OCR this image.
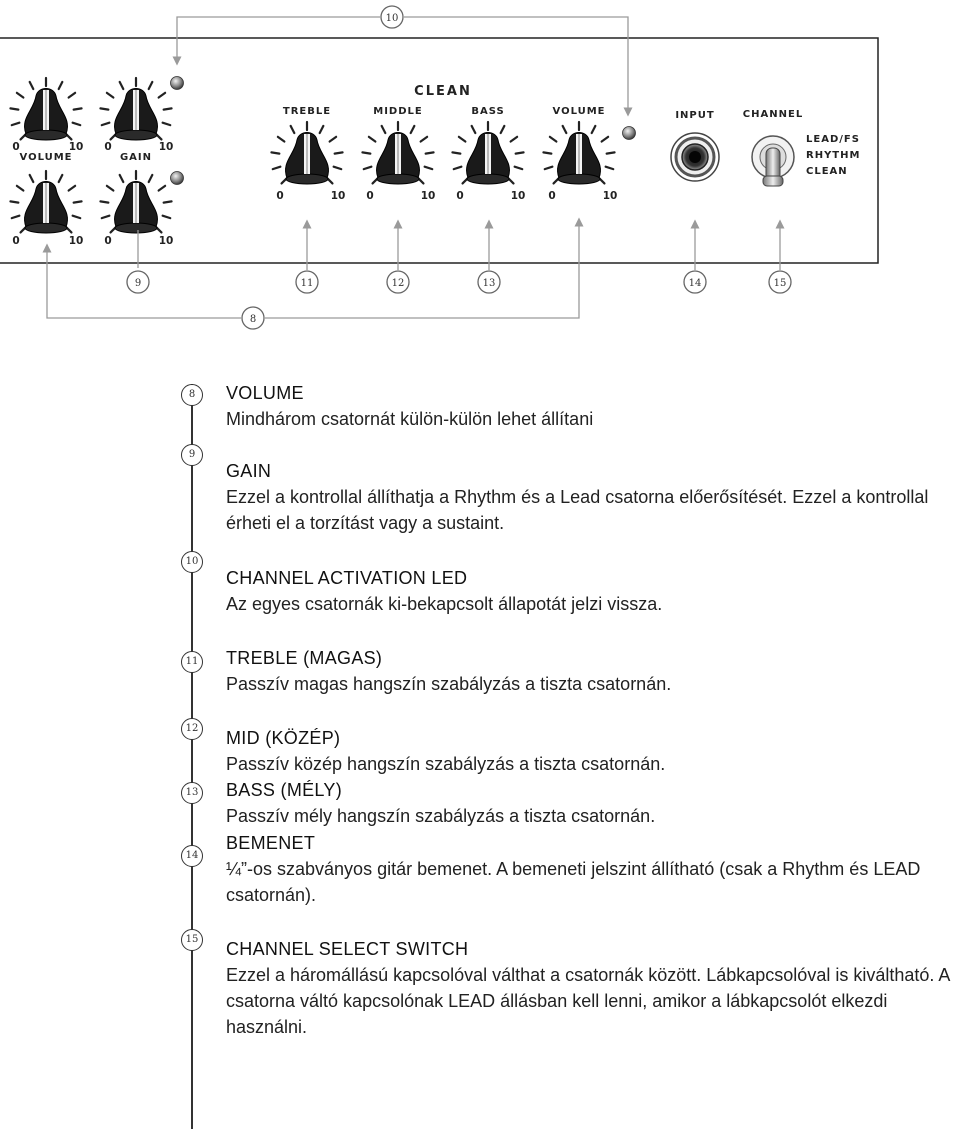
CLEAN
VOLUME
0	10
GAIN
0	10
0	10 0	10
TREBLE
0	10
MIDDLE
0	10
BASS
0	10
VOLUME
0	10
INPUT	CHANNEL
LEAD/FS
RHYTHM
CLEAN
10
9	11	12	13	14	15
8
8
9
10
11
12
13
14
15
VOLUME
Mindhárom csatornát külön-külön lehet állítani
GAIN
Ezzel a kontrollal állíthatja a Rhythm és a Lead csatorna előerősítését. Ezzel a kontrollal érheti el a torzítást vagy a sustaint.
CHANNEL ACTIVATION LED
Az egyes csatornák ki-bekapcsolt állapotát jelzi vissza.
TREBLE (MAGAS)
Passzív magas hangszín szabályzás a tiszta csatornán.
MID (KÖZÉP)
Passzív közép hangszín szabályzás a tiszta csatornán.
BASS (MÉLY)
Passzív mély hangszín szabályzás a tiszta csatornán.
BEMENET
¼”-os szabványos gitár bemenet. A bemeneti jelszint állítható (csak a Rhythm és LEAD csatornán).
CHANNEL SELECT SWITCH
Ezzel a háromállású kapcsolóval válthat a csatornák között. Lábkapcsolóval is kiváltható. A csatorna váltó kapcsolónak LEAD állásban kell lenni, amikor a lábkapcsolót elkezdi használni.
